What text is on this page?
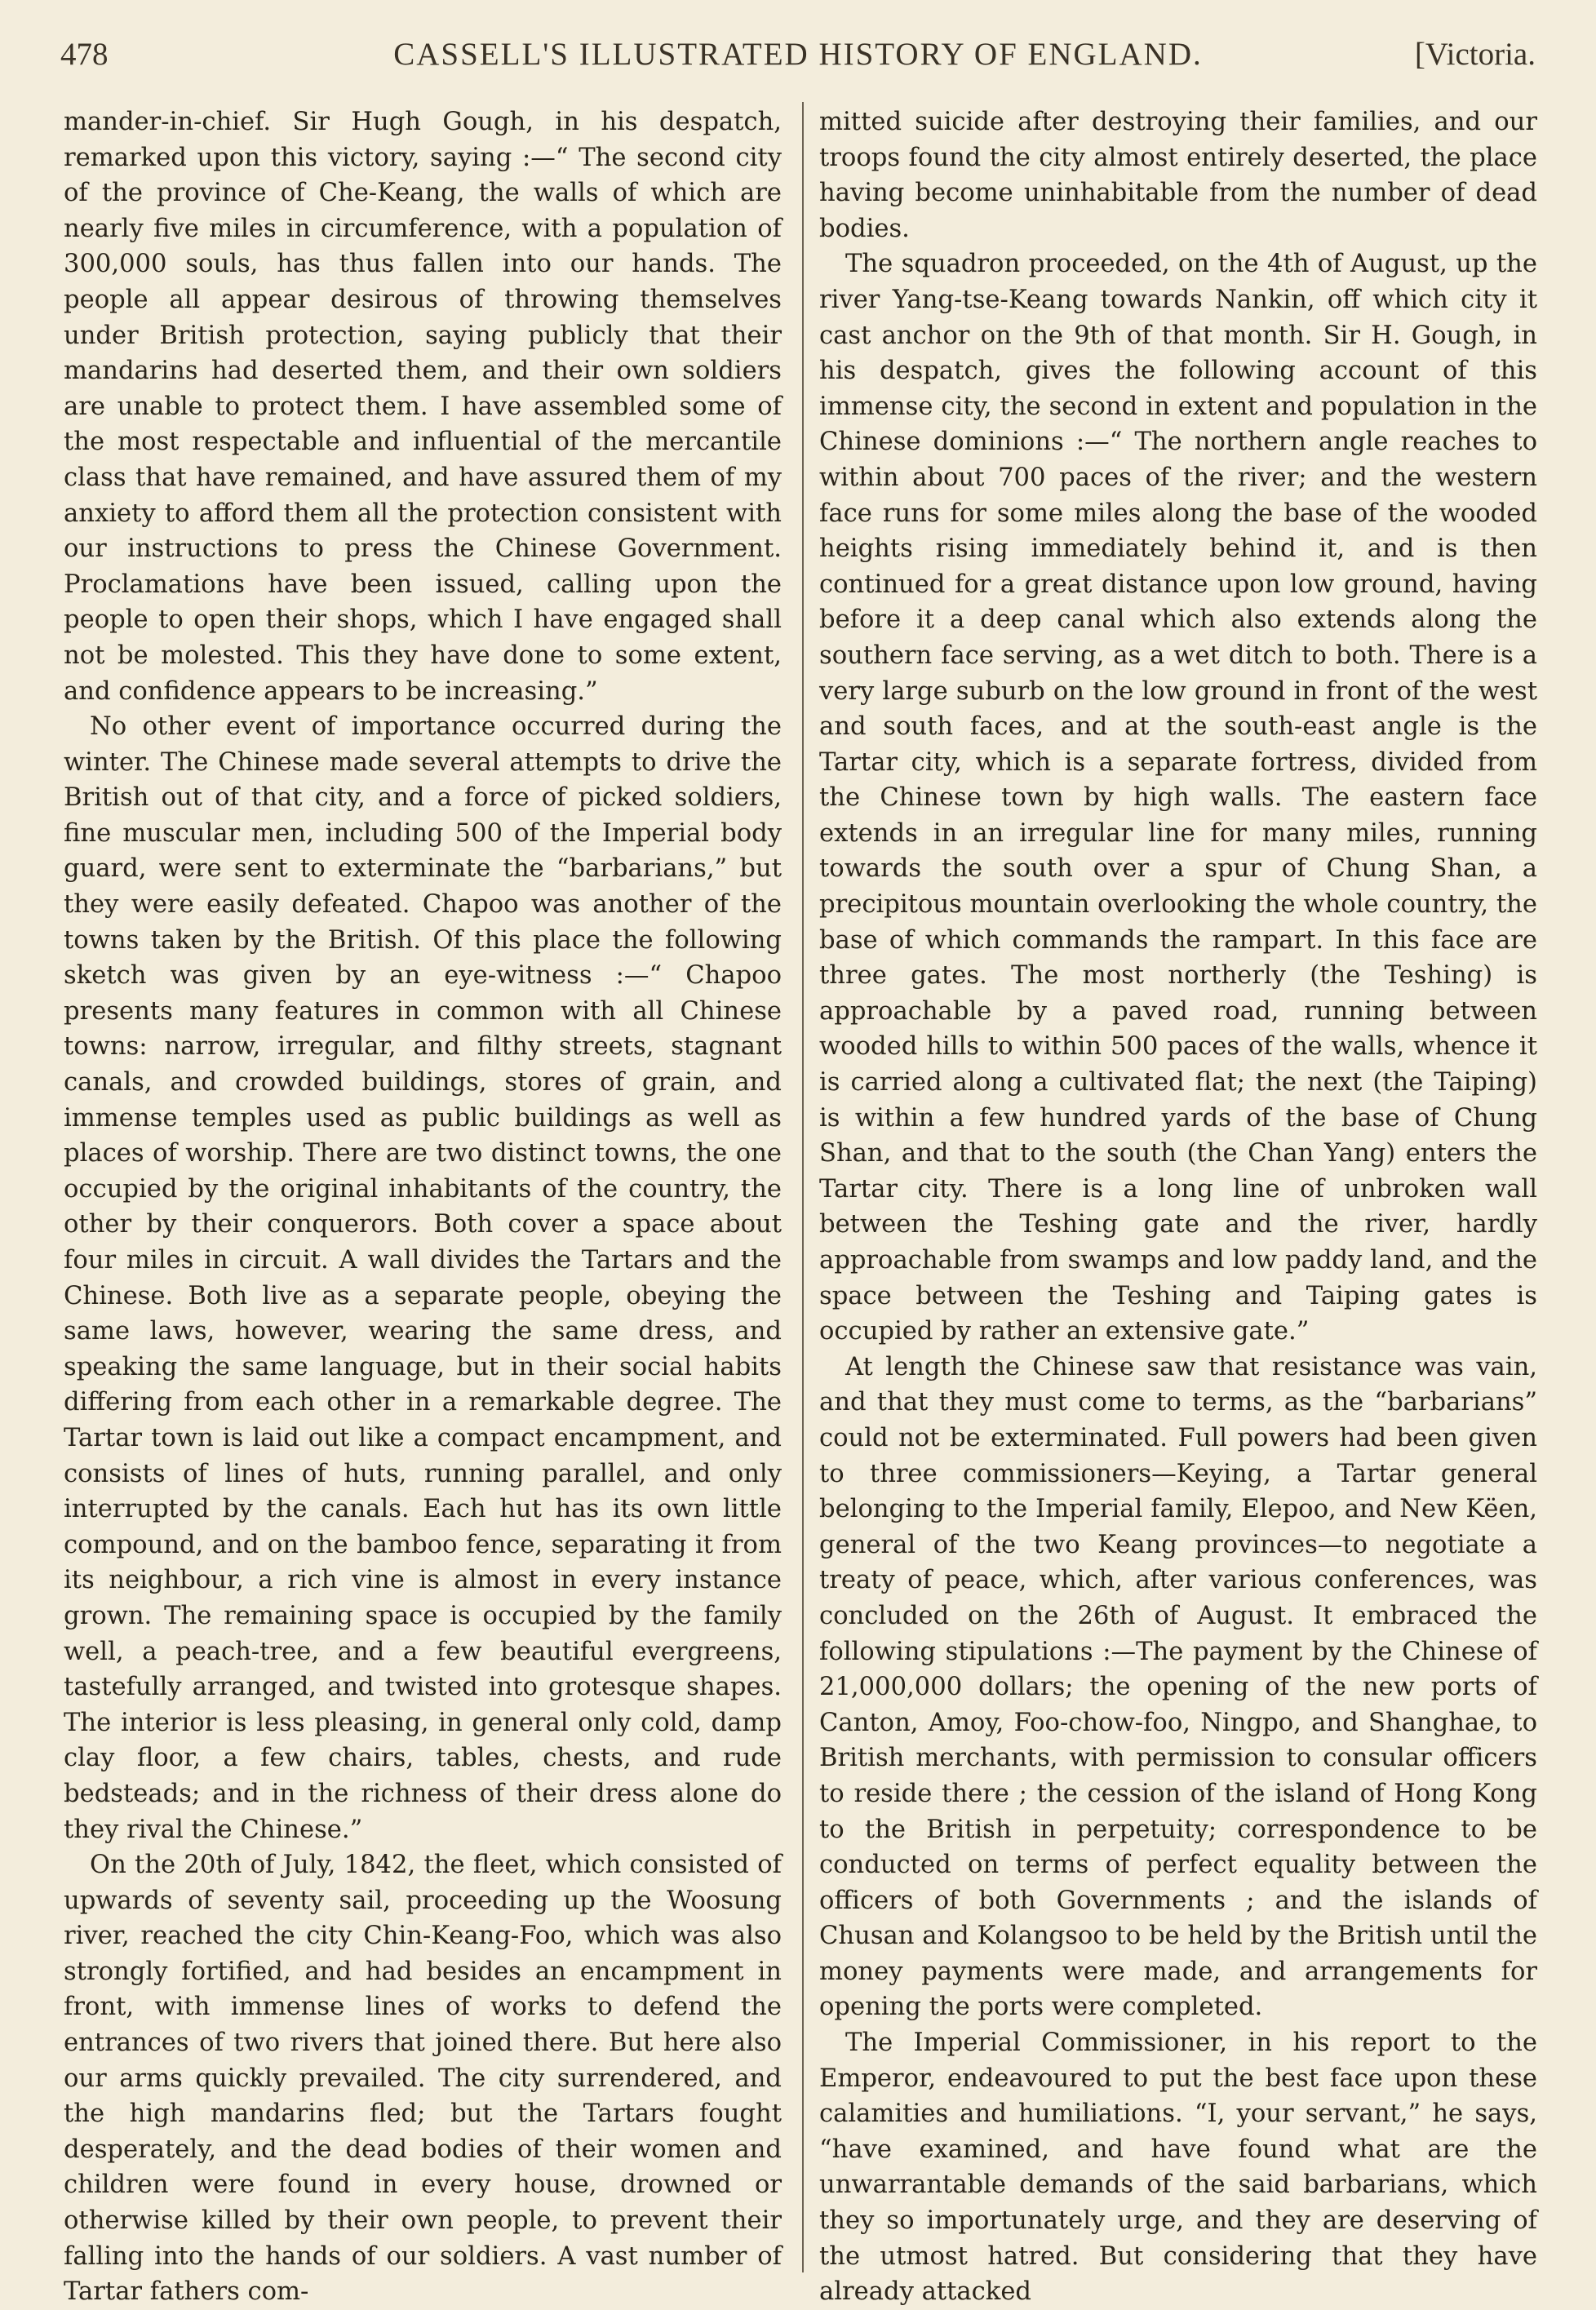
478	CASSELL'S ILLUSTRATED HISTORY OF ENGLAND.	[Victoria.

mander-in-chief. Sir Hugh Gough, in his despatch, remarked upon this victory, saying :—“ The second city of the province of Che-Keang, the walls of which are nearly five miles in circumference, with a population of 300,000 souls, has thus fallen into our hands. The people all appear desirous of throwing themselves under British protection, saying publicly that their mandarins had deserted them, and their own soldiers are unable to protect them. I have assembled some of the most respectable and influential of the mercantile class that have remained, and have assured them of my anxiety to afford them all the protection consistent with our instructions to press the Chinese Government. Proclamations have been issued, calling upon the people to open their shops, which I have engaged shall not be molested. This they have done to some extent, and confidence appears to be increasing.”

No other event of importance occurred during the winter. The Chinese made several attempts to drive the British out of that city, and a force of picked soldiers, fine muscular men, including 500 of the Imperial body guard, were sent to exterminate the “barbarians,” but they were easily defeated. Chapoo was another of the towns taken by the British. Of this place the following sketch was given by an eye-witness :—“ Chapoo presents many features in common with all Chinese towns: narrow, irregular, and filthy streets, stagnant canals, and crowded buildings, stores of grain, and immense temples used as public buildings as well as places of worship. There are two distinct towns, the one occupied by the original inhabitants of the country, the other by their conquerors. Both cover a space about four miles in circuit. A wall divides the Tartars and the Chinese. Both live as a separate people, obeying the same laws, however, wearing the same dress, and speaking the same language, but in their social habits differing from each other in a remarkable degree. The Tartar town is laid out like a compact encampment, and consists of lines of huts, running parallel, and only interrupted by the canals. Each hut has its own little compound, and on the bamboo fence, separating it from its neighbour, a rich vine is almost in every instance grown. The remaining space is occupied by the family well, a peach-tree, and a few beautiful evergreens, tastefully arranged, and twisted into grotesque shapes. The interior is less pleasing, in general only cold, damp clay floor, a few chairs, tables, chests, and rude bedsteads; and in the richness of their dress alone do they rival the Chinese.”

On the 20th of July, 1842, the fleet, which consisted of upwards of seventy sail, proceeding up the Woosung river, reached the city Chin-Keang-Foo, which was also strongly fortified, and had besides an encampment in front, with immense lines of works to defend the entrances of two rivers that joined there. But here also our arms quickly prevailed. The city surrendered, and the high mandarins fled; but the Tartars fought desperately, and the dead bodies of their women and children were found in every house, drowned or otherwise killed by their own people, to prevent their falling into the hands of our soldiers. A vast number of Tartar fathers com-

mitted suicide after destroying their families, and our troops found the city almost entirely deserted, the place having become uninhabitable from the number of dead bodies.

The squadron proceeded, on the 4th of August, up the river Yang-tse-Keang towards Nankin, off which city it cast anchor on the 9th of that month. Sir H. Gough, in his despatch, gives the following account of this immense city, the second in extent and population in the Chinese dominions :—“ The northern angle reaches to within about 700 paces of the river; and the western face runs for some miles along the base of the wooded heights rising immediately behind it, and is then continued for a great distance upon low ground, having before it a deep canal which also extends along the southern face serving, as a wet ditch to both. There is a very large suburb on the low ground in front of the west and south faces, and at the south-east angle is the Tartar city, which is a separate fortress, divided from the Chinese town by high walls. The eastern face extends in an irregular line for many miles, running towards the south over a spur of Chung Shan, a precipitous mountain overlooking the whole country, the base of which commands the rampart. In this face are three gates. The most northerly (the Teshing) is approachable by a paved road, running between wooded hills to within 500 paces of the walls, whence it is carried along a cultivated flat; the next (the Taiping) is within a few hundred yards of the base of Chung Shan, and that to the south (the Chan Yang) enters the Tartar city. There is a long line of unbroken wall between the Teshing gate and the river, hardly approachable from swamps and low paddy land, and the space between the Teshing and Taiping gates is occupied by rather an extensive gate.”

At length the Chinese saw that resistance was vain, and that they must come to terms, as the “barbarians” could not be exterminated. Full powers had been given to three commissioners—Keying, a Tartar general belonging to the Imperial family, Elepoo, and New Këen, general of the two Keang provinces—to negotiate a treaty of peace, which, after various conferences, was concluded on the 26th of August. It embraced the following stipulations :—The payment by the Chinese of 21,000,000 dollars; the opening of the new ports of Canton, Amoy, Foo-chow-foo, Ningpo, and Shanghae, to British merchants, with permission to consular officers to reside there ; the cession of the island of Hong Kong to the British in perpetuity; correspondence to be conducted on terms of perfect equality between the officers of both Governments ; and the islands of Chusan and Kolangsoo to be held by the British until the money payments were made, and arrangements for opening the ports were completed.

The Imperial Commissioner, in his report to the Emperor, endeavoured to put the best face upon these calamities and humiliations. “I, your servant,” he says, “have examined, and have found what are the unwarrantable demands of the said barbarians, which they so importunately urge, and they are deserving of the utmost hatred. But considering that they have already attacked
